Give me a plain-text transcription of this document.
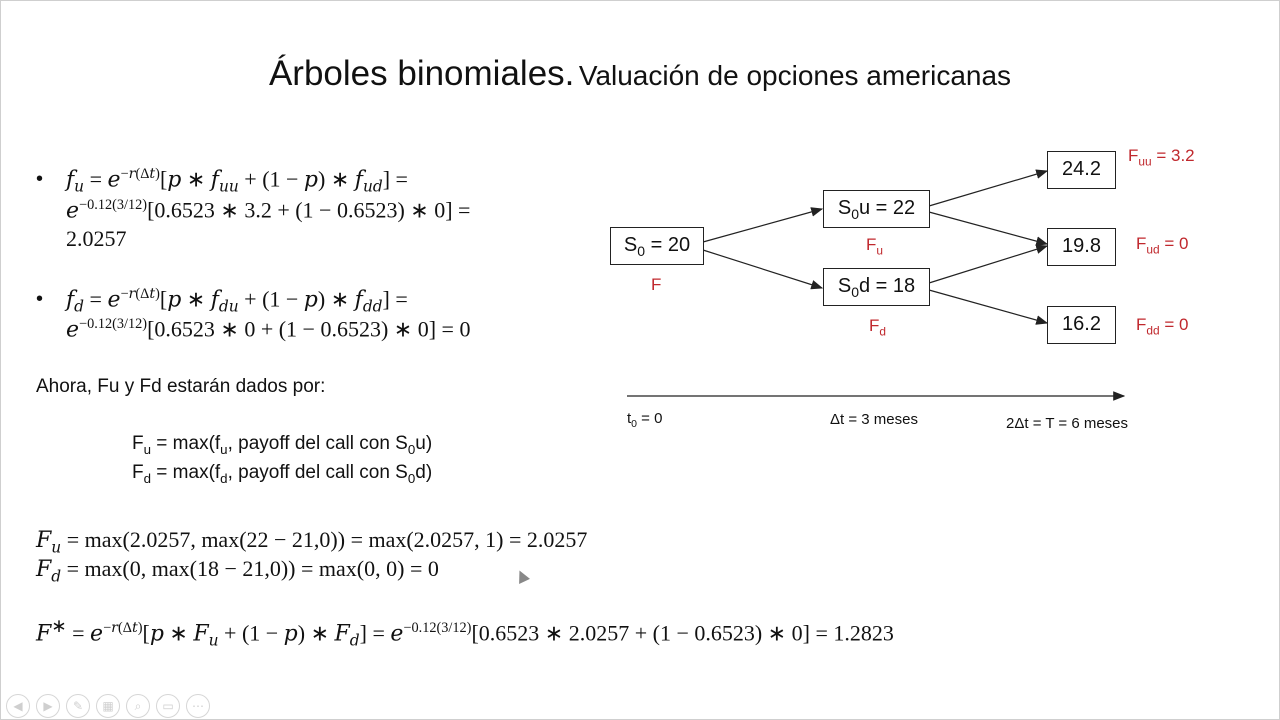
Árboles binomiales. Valuación de opciones americanas
• $f_u = e^{-r(\Delta t)}[p$ ∗ $f_{uu} + (1 - p)$ ∗ $f_{ud}$] =
$e^{-0.12(3/12)}[0.6523$ ∗ 3.2 + (1 − 0.6523) ∗ 0] =
2.0257
• $f_d = e^{-r(\Delta t)}[p$ ∗ $f_{du} + (1 - p)$ ∗ $f_{dd}$] =
$e^{-0.12(3/12)}[0.6523$ ∗ 0 + (1 − 0.6523) ∗ 0] = 0
Ahora, Fu y Fd estarán dados por:
$F_u = \max(f_u$, payoff del call con $S_0u$)
$F_d = \max(f_d$, payoff del call con $S_0d$)
$F_u = \max(2.0257$, max(22 − 21,0)) = max(2.0257, 1) = 2.0257
$F_d = \max(0$, max(18 − 21,0)) = max(0, 0) = 0
$F^∗ = e^{-r(\Delta t)}[p$ ∗ $F_u + (1 - p)$ ∗ $F_d] = e^{-0.12(3/12)}[0.6523$ ∗ 2.0257 + (1 − 0.6523) ∗ 0] = 1.2823
$S_0 = 20$
$S_0u = 22$
$S_0d = 18$
24.2
19.8
16.2
F
$F_u$
$F_d$
$F_{uu} = 3.2$
$F_{ud} = 0$
$F_{dd} = 0$
$t_0 = 0$	Δt = 3 meses	2Δt = T = 6 meses
◀	▶	✎	▦	⌕	▭	⋯
